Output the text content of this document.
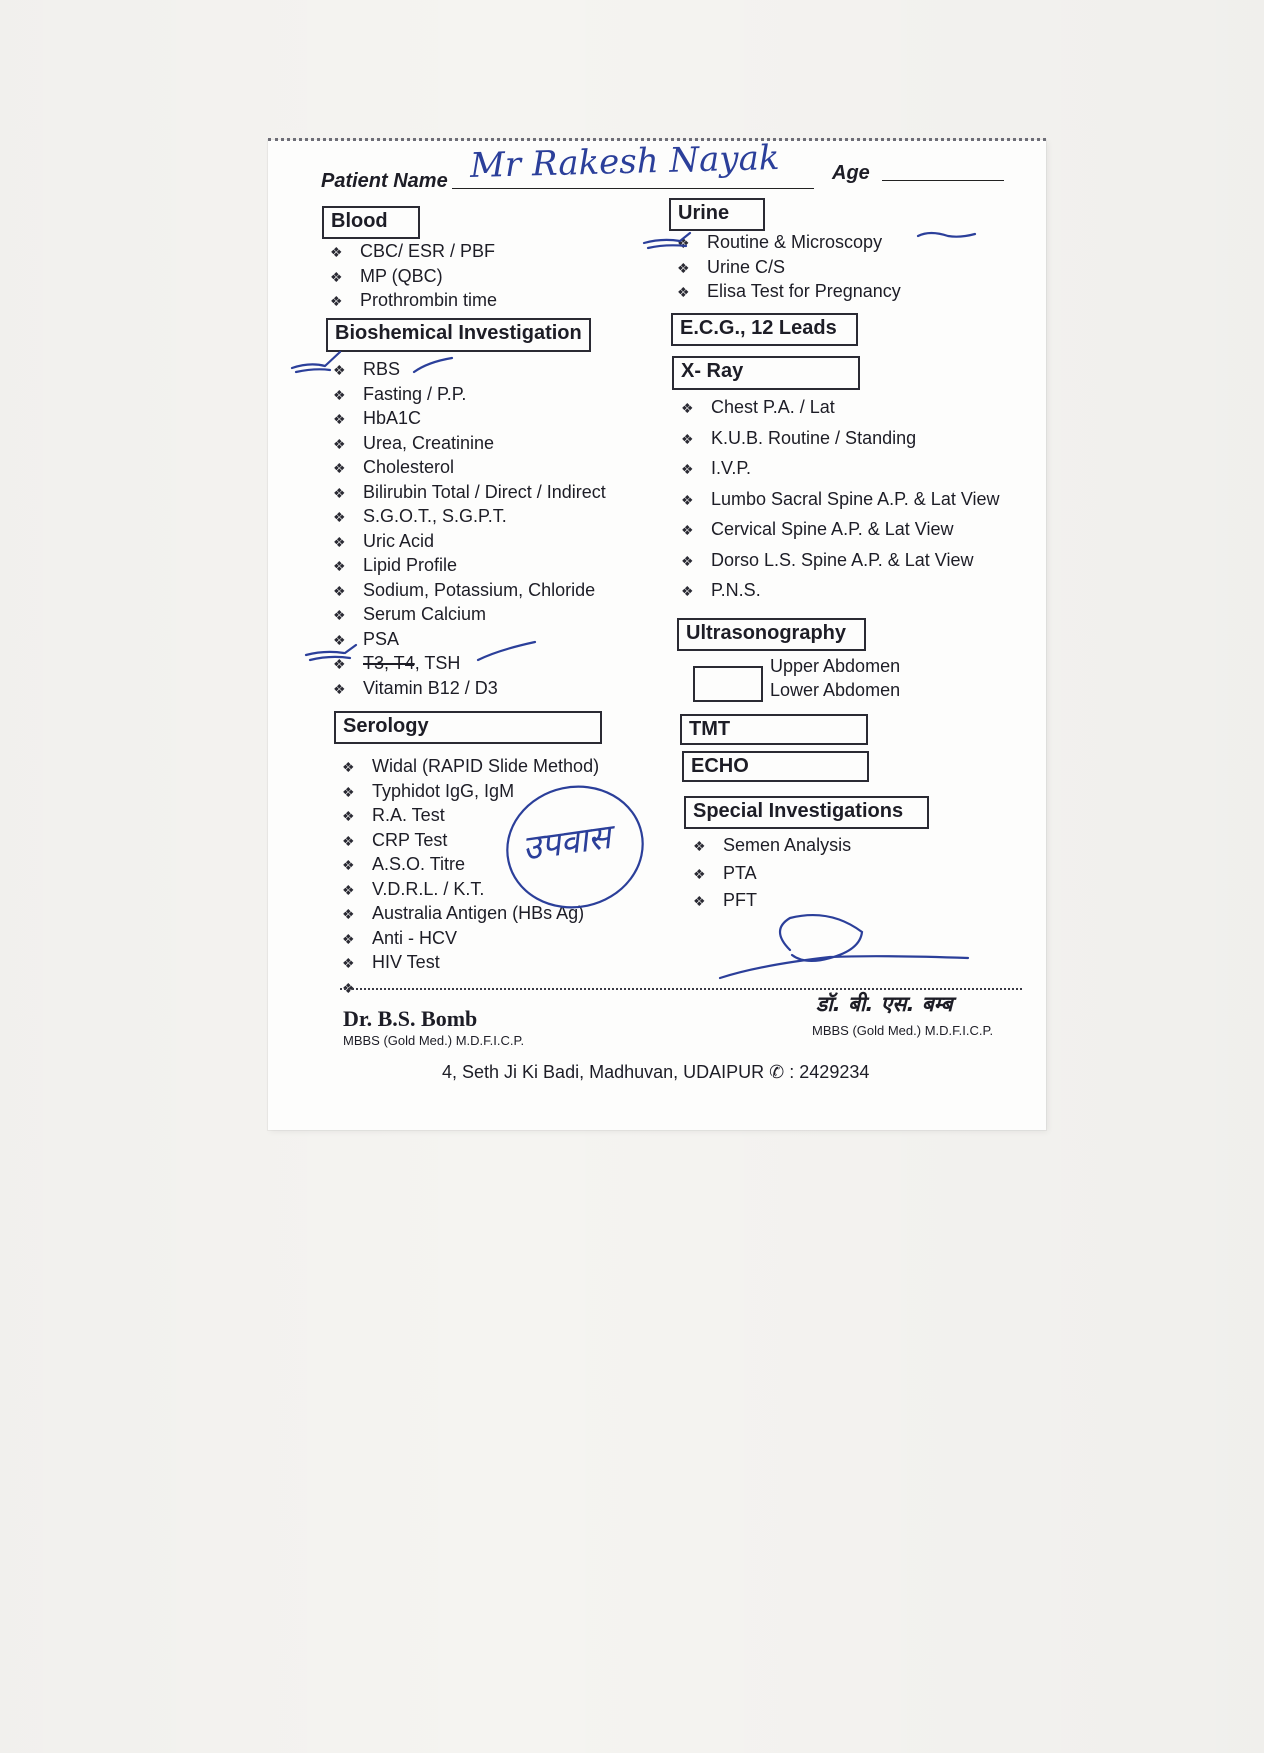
Patient Name Mr Rakesh Nayak	Age
Blood
❖ CBC/ ESR / PBF
❖ MP (QBC)
❖ Prothrombin time
Bioshemical Investigation
❖ RBS
❖ Fasting / P.P.
❖ HbA1C
❖ Urea, Creatinine
❖ Cholesterol
❖ Bilirubin Total / Direct / Indirect
❖ S.G.O.T., S.G.P.T.
❖ Uric Acid
❖ Lipid Profile
❖ Sodium, Potassium, Chloride
❖ Serum Calcium
❖ PSA
❖ T3, T4, TSH
❖ Vitamin B12 / D3
Serology
❖ Widal (RAPID Slide Method)
❖ Typhidot IgG, IgM
❖ R.A. Test
❖ CRP Test
❖ A.S.O. Titre
❖ V.D.R.L. / K.T.
❖ Australia Antigen (HBs Ag)
❖ Anti - HCV
❖ HIV Test
❖
Urine
❖ Routine & Microscopy
❖ Urine C/S
❖ Elisa Test for Pregnancy
E.C.G., 12 Leads
X- Ray
❖ Chest P.A. / Lat
❖ K.U.B. Routine / Standing
❖ I.V.P.
❖ Lumbo Sacral Spine A.P. & Lat View
❖ Cervical Spine A.P. & Lat View
❖ Dorso L.S. Spine A.P. & Lat View
❖ P.N.S.
Ultrasonography
Upper Abdomen
Lower Abdomen
TMT
ECHO
Special Investigations
❖ Semen Analysis
❖ PTA
❖ PFT
उपवास
Dr. B.S. Bomb
MBBS (Gold Med.) M.D.F.I.C.P.
डॉ. बी. एस. बम्ब
MBBS (Gold Med.) M.D.F.I.C.P.
4, Seth Ji Ki Badi, Madhuvan, UDAIPUR ✆ : 2429234
